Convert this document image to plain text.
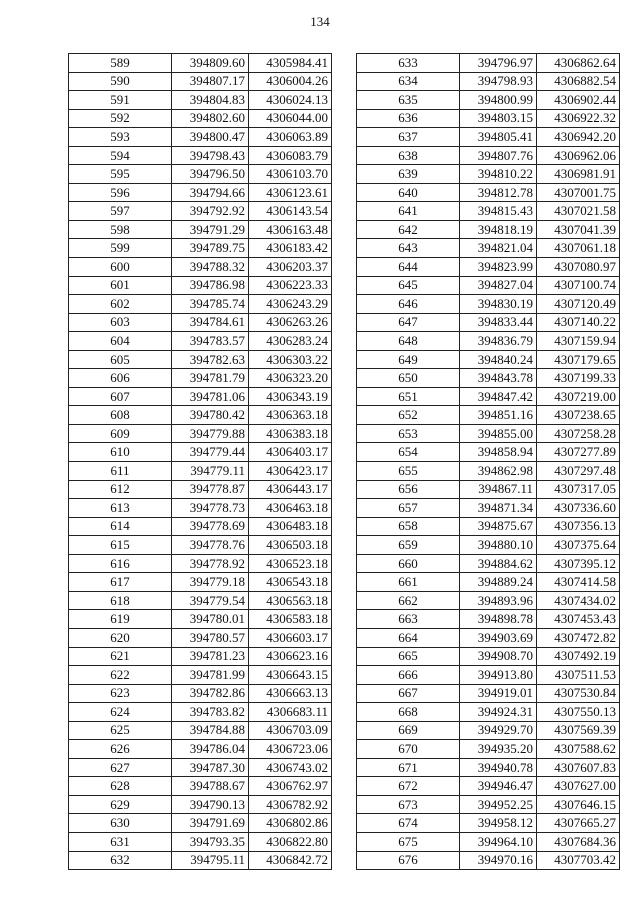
134
589	394809.60	4305984.41
590	394807.17	4306004.26
591	394804.83	4306024.13
592	394802.60	4306044.00
593	394800.47	4306063.89
594	394798.43	4306083.79
595	394796.50	4306103.70
596	394794.66	4306123.61
597	394792.92	4306143.54
598	394791.29	4306163.48
599	394789.75	4306183.42
600	394788.32	4306203.37
601	394786.98	4306223.33
602	394785.74	4306243.29
603	394784.61	4306263.26
604	394783.57	4306283.24
605	394782.63	4306303.22
606	394781.79	4306323.20
607	394781.06	4306343.19
608	394780.42	4306363.18
609	394779.88	4306383.18
610	394779.44	4306403.17
611	394779.11	4306423.17
612	394778.87	4306443.17
613	394778.73	4306463.18
614	394778.69	4306483.18
615	394778.76	4306503.18
616	394778.92	4306523.18
617	394779.18	4306543.18
618	394779.54	4306563.18
619	394780.01	4306583.18
620	394780.57	4306603.17
621	394781.23	4306623.16
622	394781.99	4306643.15
623	394782.86	4306663.13
624	394783.82	4306683.11
625	394784.88	4306703.09
626	394786.04	4306723.06
627	394787.30	4306743.02
628	394788.67	4306762.97
629	394790.13	4306782.92
630	394791.69	4306802.86
631	394793.35	4306822.80
632	394795.11	4306842.72
633	394796.97	4306862.64
634	394798.93	4306882.54
635	394800.99	4306902.44
636	394803.15	4306922.32
637	394805.41	4306942.20
638	394807.76	4306962.06
639	394810.22	4306981.91
640	394812.78	4307001.75
641	394815.43	4307021.58
642	394818.19	4307041.39
643	394821.04	4307061.18
644	394823.99	4307080.97
645	394827.04	4307100.74
646	394830.19	4307120.49
647	394833.44	4307140.22
648	394836.79	4307159.94
649	394840.24	4307179.65
650	394843.78	4307199.33
651	394847.42	4307219.00
652	394851.16	4307238.65
653	394855.00	4307258.28
654	394858.94	4307277.89
655	394862.98	4307297.48
656	394867.11	4307317.05
657	394871.34	4307336.60
658	394875.67	4307356.13
659	394880.10	4307375.64
660	394884.62	4307395.12
661	394889.24	4307414.58
662	394893.96	4307434.02
663	394898.78	4307453.43
664	394903.69	4307472.82
665	394908.70	4307492.19
666	394913.80	4307511.53
667	394919.01	4307530.84
668	394924.31	4307550.13
669	394929.70	4307569.39
670	394935.20	4307588.62
671	394940.78	4307607.83
672	394946.47	4307627.00
673	394952.25	4307646.15
674	394958.12	4307665.27
675	394964.10	4307684.36
676	394970.16	4307703.42
